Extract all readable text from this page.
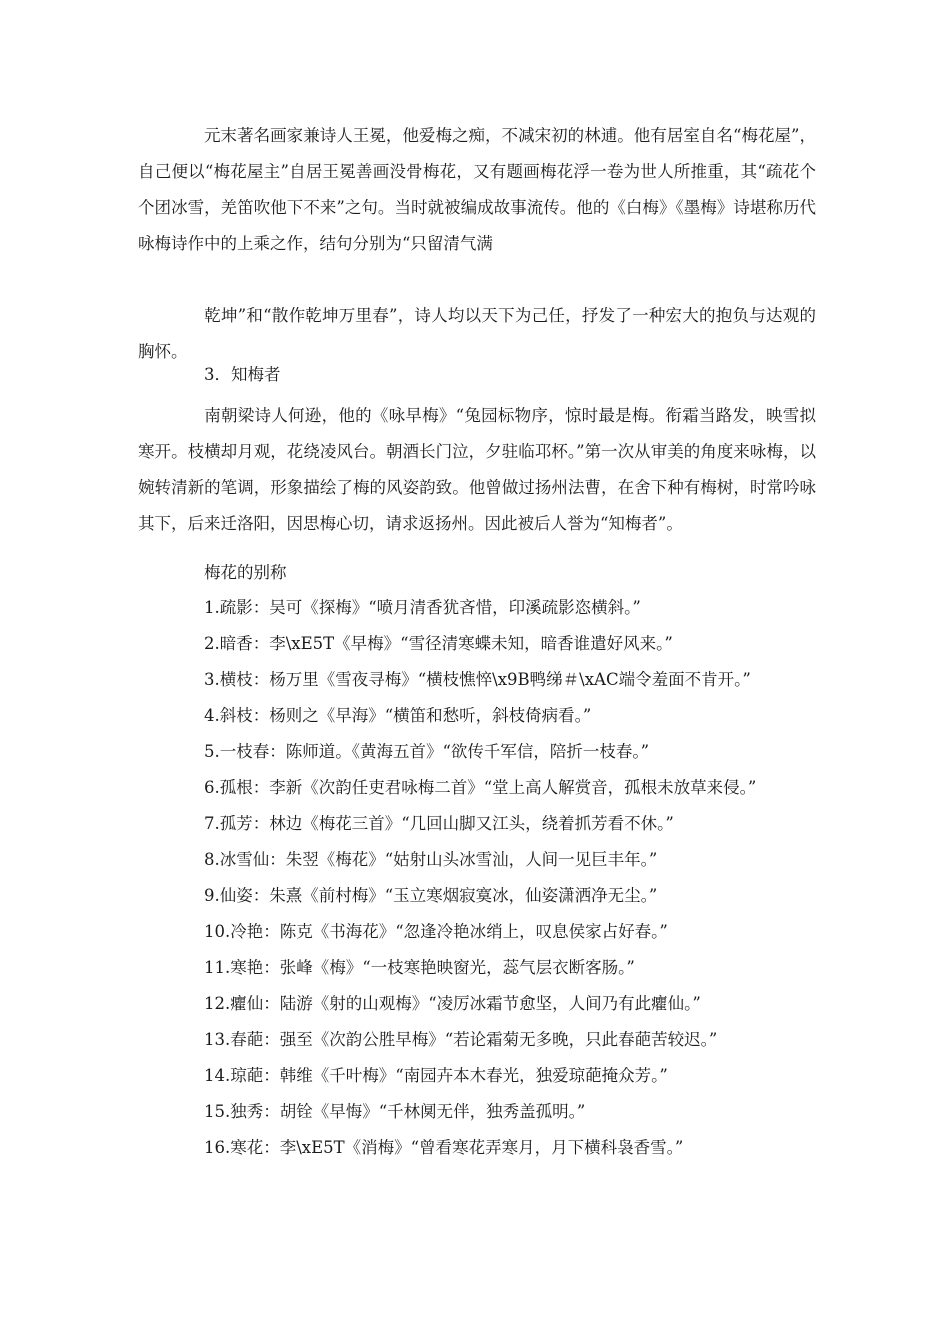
元末著名画家兼诗人王冕，他爱梅之痴，不减宋初的林逋。他有居室自名“梅花屋”，自己便以“梅花屋主”自居王冕善画没骨梅花，又有题画梅花浮一卷为世人所推重，其“疏花个个团冰雪，羌笛吹他下不来”之句。当时就被编成故事流传。他的《白梅》《墨梅》诗堪称历代咏梅诗作中的上乘之作，结句分别为“只留清气满

乾坤”和“散作乾坤万里春”，诗人均以天下为己任，抒发了一种宏大的抱负与达观的胸怀。

3．知梅者

南朝梁诗人何逊，他的《咏早梅》“兔园标物序，惊时最是梅。衔霜当路发，映雪拟寒开。枝横却月观，花绕凌风台。朝酒长门泣，夕驻临邛杯。”第一次从审美的角度来咏梅，以婉转清新的笔调，形象描绘了梅的风姿韵致。他曾做过扬州法曹，在舍下种有梅树，时常吟咏其下，后来迁洛阳，因思梅心切，请求返扬州。因此被后人誉为“知梅者”。

梅花的别称

1.疏影：吴可《探梅》“喷月清香犹吝惜，印溪疏影恣横斜。”

2.暗香：李\xE5T《早梅》“雪径清寒蝶未知，暗香谁遣好风来。”

3.横枝：杨万里《雪夜寻梅》“横枝憔悴\x9B鸭绨＃\xAC端令羞面不肯开。”

4.斜枝：杨则之《早海》“横笛和愁听，斜枝倚病看。”

5.一枝春：陈师道。《黄海五首》“欲传千军信，陪折一枝春。”

6.孤根：李新《次韵任吏君咏梅二首》“堂上高人解赏音，孤根未放草来侵。”

7.孤芳：林边《梅花三首》“几回山脚又江头，绕着抓芳看不休。”

8.冰雪仙：朱翌《梅花》“姑射山头冰雪汕，人间一见巨丰年。”

9.仙姿：朱熹《前村梅》“玉立寒烟寂寞冰，仙姿潇洒净无尘。”

10.冷艳：陈克《书海花》“忽逢冷艳冰绡上，叹息侯家占好春。”

11.寒艳：张峰《梅》“一枝寒艳映窗光，蕊气层衣断客肠。”

12.癯仙：陆游《射的山观梅》“凌厉冰霜节愈坚，人间乃有此癯仙。”

13.春葩：强至《次韵公胜早梅》“若论霜菊无多晚，只此春葩苦较迟。”

14.琼葩：韩维《千叶梅》“南园卉本木春光，独爱琼葩掩众芳。”

15.独秀：胡铨《早悔》“千林阒无伴，独秀盖孤明。”

16.寒花：李\xE5T《消梅》“曾看寒花弄寒月，月下横科袅香雪。”
